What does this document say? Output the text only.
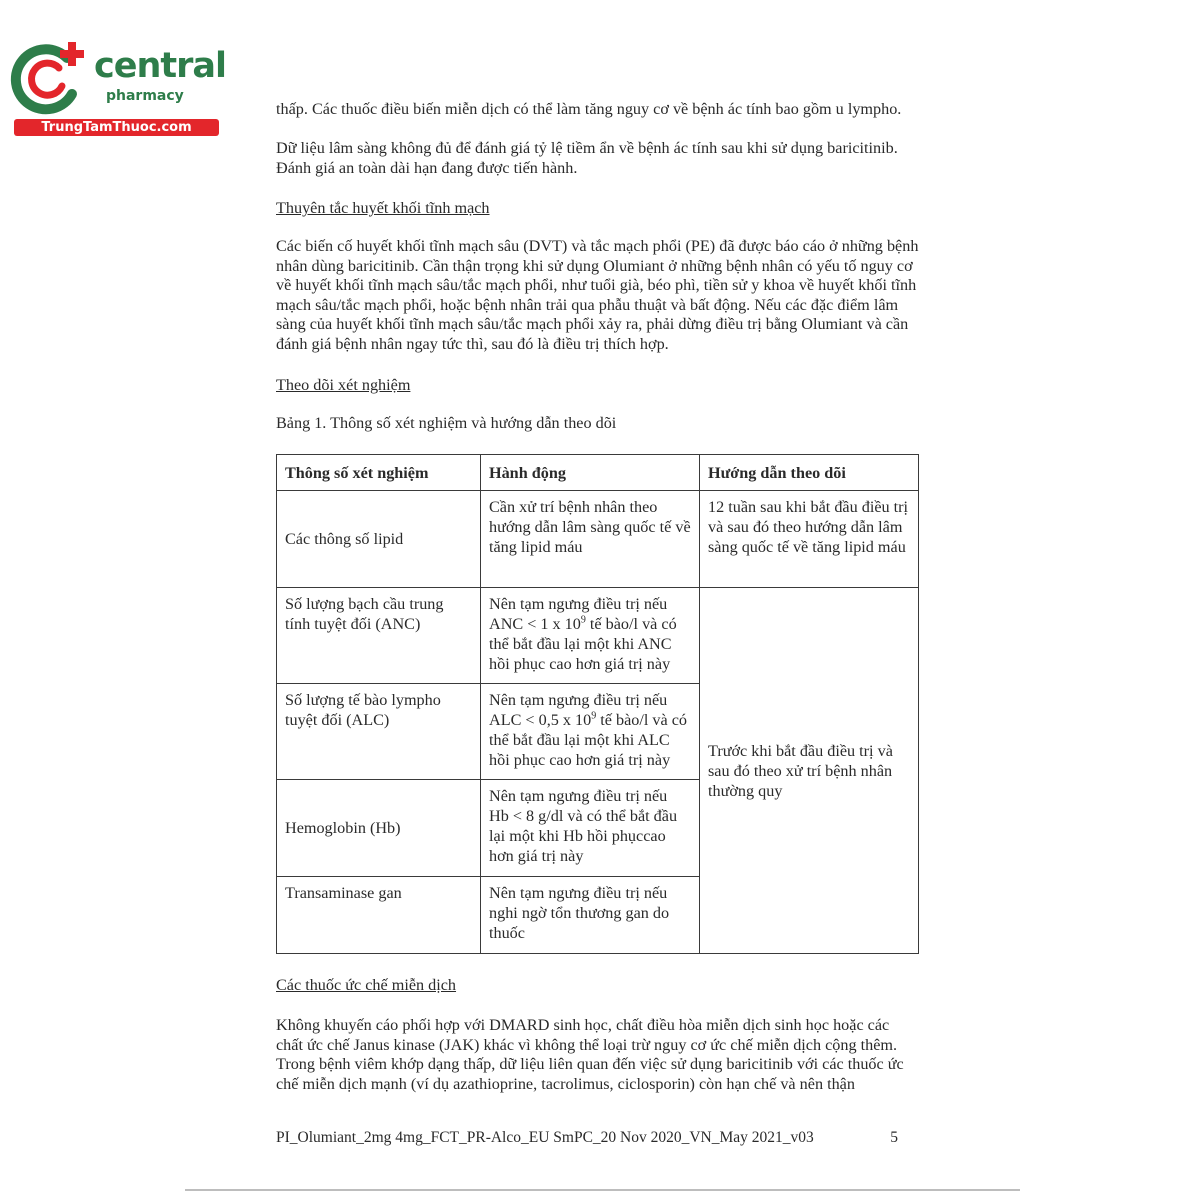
central
pharmacy
TrungTamThuoc.com

thấp. Các thuốc điều biến miễn dịch có thể làm tăng nguy cơ về bệnh ác tính bao gồm u lympho.

Dữ liệu lâm sàng không đủ để đánh giá tỷ lệ tiềm ẩn về bệnh ác tính sau khi sử dụng baricitinib. Đánh giá an toàn dài hạn đang được tiến hành.

Thuyên tắc huyết khối tĩnh mạch

Các biến cố huyết khối tĩnh mạch sâu (DVT) và tắc mạch phổi (PE) đã được báo cáo ở những bệnh nhân dùng baricitinib. Cần thận trọng khi sử dụng Olumiant ở những bệnh nhân có yếu tố nguy cơ về huyết khối tĩnh mạch sâu/tắc mạch phổi, như tuổi già, béo phì, tiền sử y khoa về huyết khối tĩnh mạch sâu/tắc mạch phổi, hoặc bệnh nhân trải qua phẫu thuật và bất động. Nếu các đặc điểm lâm sàng của huyết khối tĩnh mạch sâu/tắc mạch phổi xảy ra, phải dừng điều trị bằng Olumiant và cần đánh giá bệnh nhân ngay tức thì, sau đó là điều trị thích hợp.

Theo dõi xét nghiệm

Bảng 1. Thông số xét nghiệm và hướng dẫn theo dõi

Thông số xét nghiệm	Hành động	Hướng dẫn theo dõi
Các thông số lipid	Cần xử trí bệnh nhân theo hướng dẫn lâm sàng quốc tế về tăng lipid máu	12 tuần sau khi bắt đầu điều trị và sau đó theo hướng dẫn lâm sàng quốc tế về tăng lipid máu
Số lượng bạch cầu trung tính tuyệt đối (ANC)	Nên tạm ngưng điều trị nếu ANC < 1 x $10^9$ tế bào/l và có thể bắt đầu lại một khi ANC hồi phục cao hơn giá trị này	Trước khi bắt đầu điều trị và sau đó theo xử trí bệnh nhân thường quy
Số lượng tế bào lympho tuyệt đối (ALC)	Nên tạm ngưng điều trị nếu ALC < 0,5 x $10^9$ tế bào/l và có thể bắt đầu lại một khi ALC hồi phục cao hơn giá trị này	
Hemoglobin (Hb)	Nên tạm ngưng điều trị nếu Hb < 8 g/dl và có thể bắt đầu lại một khi Hb hồi phụccao hơn giá trị này	
Transaminase gan	Nên tạm ngưng điều trị nếu nghi ngờ tổn thương gan do thuốc	

Các thuốc ức chế miễn dịch

Không khuyến cáo phối hợp với DMARD sinh học, chất điều hòa miễn dịch sinh học hoặc các chất ức chế Janus kinase (JAK) khác vì không thể loại trừ nguy cơ ức chế miễn dịch cộng thêm. Trong bệnh viêm khớp dạng thấp, dữ liệu liên quan đến việc sử dụng baricitinib với các thuốc ức chế miễn dịch mạnh (ví dụ azathioprine, tacrolimus, ciclosporin) còn hạn chế và nên thận

PI_Olumiant_2mg 4mg_FCT_PR-Alco_EU SmPC_20 Nov 2020_VN_May 2021_v03	5
